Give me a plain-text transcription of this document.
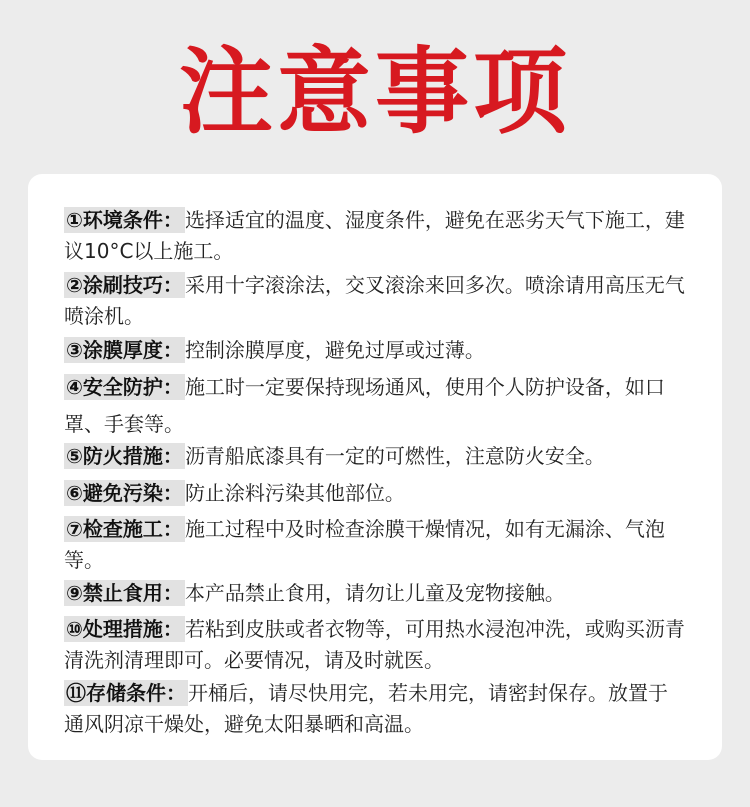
注意事项
①环境条件： 选择适宜的温度、湿度条件，避免在恶劣天气下施工，建议10°C以上施工。
②涂刷技巧： 采用十字滚涂法，交叉滚涂来回多次。喷涂请用高压无气喷涂机。
③涂膜厚度： 控制涂膜厚度，避免过厚或过薄。
④安全防护： 施工时一定要保持现场通风，使用个人防护设备，如口罩、手套等。
⑤防火措施： 沥青船底漆具有一定的可燃性，注意防火安全。
⑥避免污染： 防止涂料污染其他部位。
⑦检查施工： 施工过程中及时检查涂膜干燥情况，如有无漏涂、气泡等。
⑨禁止食用： 本产品禁止食用，请勿让儿童及宠物接触。
⑩处理措施： 若粘到皮肤或者衣物等，可用热水浸泡冲洗，或购买沥青清洗剂清理即可。必要情况，请及时就医。
⑪存储条件： 开桶后，请尽快用完，若未用完，请密封保存。放置于通风阴凉干燥处，避免太阳暴晒和高温。
